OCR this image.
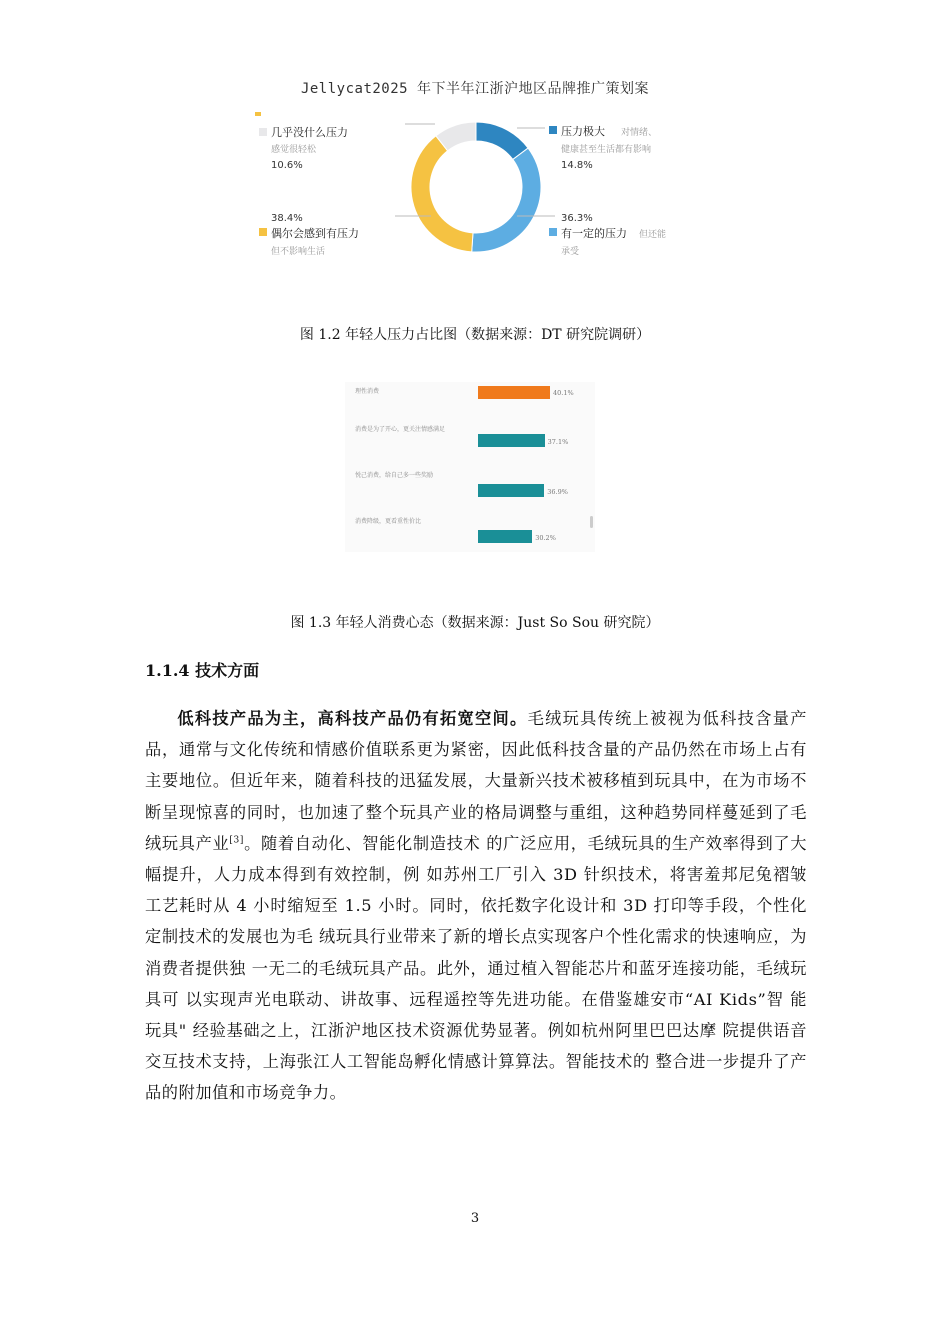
Jellycat2025 年下半年江浙沪地区品牌推广策划案
几乎没什么压力
感觉很轻松
10.6%
38.4%
偶尔会感到有压力
但不影响生活
压力极大 对情绪、
健康甚至生活都有影响
14.8%
36.3%
有一定的压力 但还能
承受
图 1.2 年轻人压力占比图（数据来源：DT 研究院调研）
理性消费	40.1%
消费是为了开心，更关注情感满足
37.1%
悦己消费，给自己多一些奖励
36.9%
消费降级，更看重性价比
30.2%
图 1.3 年轻人消费心态（数据来源：Just So Sou 研究院）
1.1.4 技术方面

低科技产品为主，高科技产品仍有拓宽空间。毛绒玩具传统上被视为低科技含量产品，通常与文化传统和情感价值联系更为紧密，因此低科技含量的产品仍然在市场上占有主要地位。但近年来，随着科技的迅猛发展，大量新兴技术被移植到玩具中，在为市场不断呈现惊喜的同时，也加速了整个玩具产业的格局调整与重组，这种趋势同样蔓延到了毛绒玩具产业[3]。随着自动化、智能化制造技术 的广泛应用，毛绒玩具的生产效率得到了大幅提升，人力成本得到有效控制，例 如苏州工厂引入 3D 针织技术，将害羞邦尼兔褶皱工艺耗时从 4 小时缩短至 1.5 小时。同时，依托数字化设计和 3D 打印等手段，个性化定制技术的发展也为毛 绒玩具行业带来了新的增长点实现客户个性化需求的快速响应，为消费者提供独 一无二的毛绒玩具产品。此外，通过植入智能芯片和蓝牙连接功能，毛绒玩具可 以实现声光电联动、讲故事、远程遥控等先进功能。在借鉴雄安市“AI Kids”智 能玩具" 经验基础之上，江浙沪地区技术资源优势显著。例如杭州阿里巴巴达摩 院提供语音交互技术支持，上海张江人工智能岛孵化情感计算算法。智能技术的 整合进一步提升了产品的附加值和市场竞争力。

3
